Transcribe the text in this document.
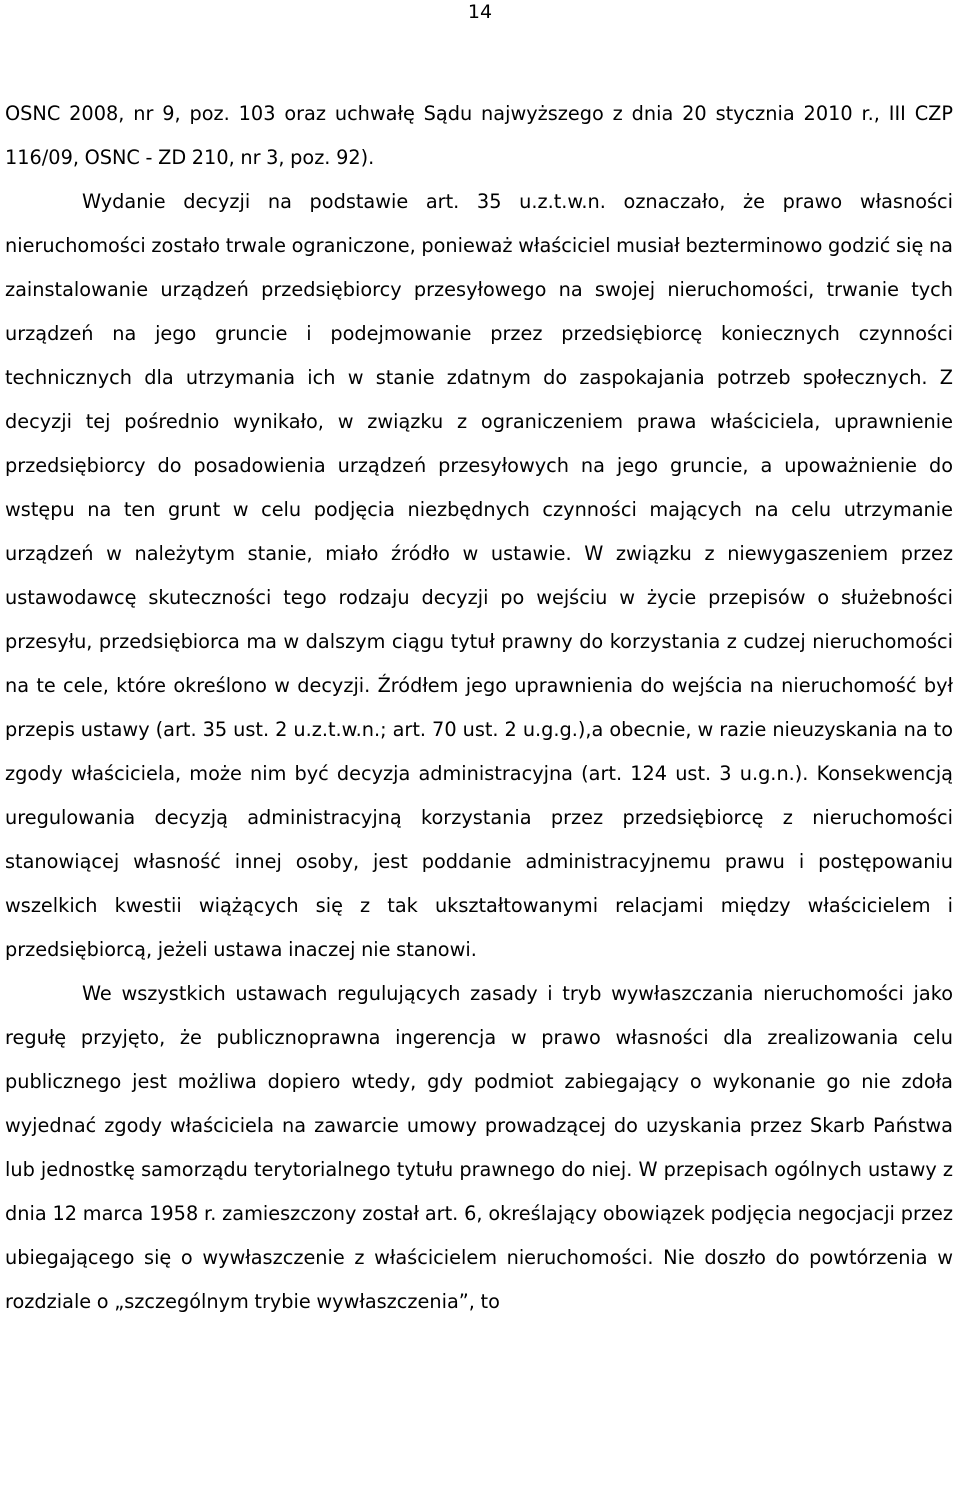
14

OSNC 2008, nr 9, poz. 103 oraz uchwałę Sądu najwyższego z dnia 20 stycznia 2010 r., III CZP 116/09, OSNC - ZD 210, nr 3, poz. 92).

Wydanie decyzji na podstawie art. 35 u.z.t.w.n. oznaczało, że prawo własności nieruchomości zostało trwale ograniczone, ponieważ właściciel musiał bezterminowo godzić się na zainstalowanie urządzeń przedsiębiorcy przesyłowego na swojej nieruchomości, trwanie tych urządzeń na jego gruncie i podejmowanie przez przedsiębiorcę koniecznych czynności technicznych dla utrzymania ich w stanie zdatnym do zaspokajania potrzeb społecznych. Z decyzji tej pośrednio wynikało, w związku z ograniczeniem prawa właściciela, uprawnienie przedsiębiorcy do posadowienia urządzeń przesyłowych na jego gruncie, a upoważnienie do wstępu na ten grunt w celu podjęcia niezbędnych czynności mających na celu utrzymanie urządzeń w należytym stanie, miało źródło w ustawie. W związku z niewygaszeniem przez ustawodawcę skuteczności tego rodzaju decyzji po wejściu w życie przepisów o służebności przesyłu, przedsiębiorca ma w dalszym ciągu tytuł prawny do korzystania z cudzej nieruchomości na te cele, które określono w decyzji. Źródłem jego uprawnienia do wejścia na nieruchomość był przepis ustawy (art. 35 ust. 2 u.z.t.w.n.; art. 70 ust. 2 u.g.g.),a obecnie, w razie nieuzyskania na to zgody właściciela, może nim być decyzja administracyjna (art. 124 ust. 3 u.g.n.). Konsekwencją uregulowania decyzją administracyjną korzystania przez przedsiębiorcę z nieruchomości stanowiącej własność innej osoby, jest poddanie administracyjnemu prawu i postępowaniu wszelkich kwestii wiążących się z tak ukształtowanymi relacjami między właścicielem i przedsiębiorcą, jeżeli ustawa inaczej nie stanowi.

We wszystkich ustawach regulujących zasady i tryb wywłaszczania nieruchomości jako regułę przyjęto, że publicznoprawna ingerencja w prawo własności dla zrealizowania celu publicznego jest możliwa dopiero wtedy, gdy podmiot zabiegający o wykonanie go nie zdoła wyjednać zgody właściciela na zawarcie umowy prowadzącej do uzyskania przez Skarb Państwa lub jednostkę samorządu terytorialnego tytułu prawnego do niej. W przepisach ogólnych ustawy z dnia 12 marca 1958 r. zamieszczony został art. 6, określający obowiązek podjęcia negocjacji przez ubiegającego się o wywłaszczenie z właścicielem nieruchomości. Nie doszło do powtórzenia w rozdziale o „szczególnym trybie wywłaszczenia”, to
